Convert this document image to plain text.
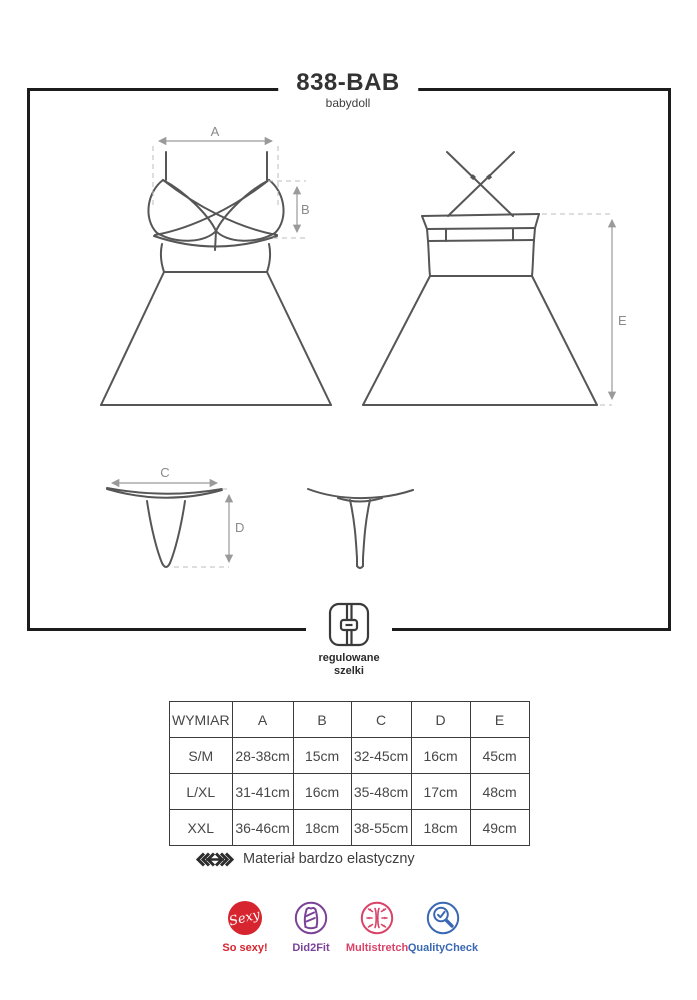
838-BAB
babydoll
A
B
E
C
D
regulowane
szelki
WYMIAR	A	B	C	D	E
S/M	28-38cm	15cm	32-45cm	16cm	45cm
L/XL	31-41cm	16cm	35-48cm	17cm	48cm
XXL	36-46cm	18cm	38-55cm	18cm	49cm
Materiał bardzo elastyczny
Sexy
So sexy! Did2Fit Multistretch QualityCheck
